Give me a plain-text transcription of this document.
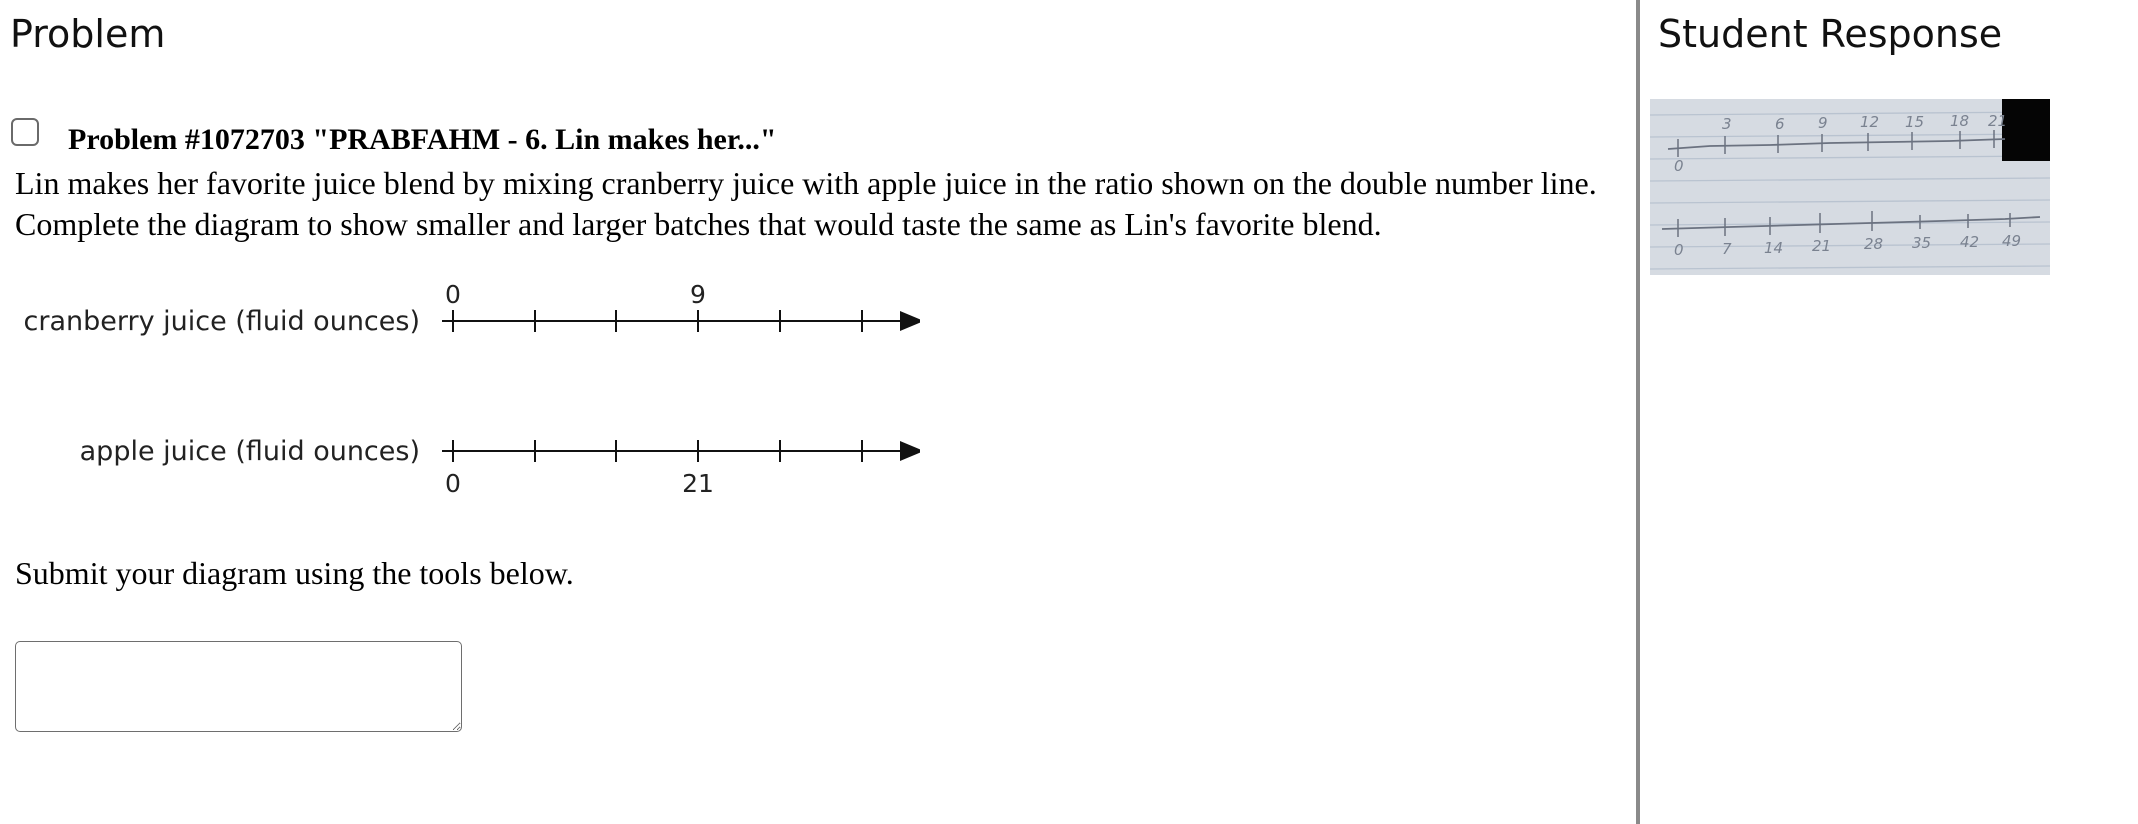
Problem
Problem #1072703 "PRABFAHM - 6. Lin makes her..."

Lin makes her favorite juice blend by mixing cranberry juice with apple juice in the ratio shown on the double number line. Complete the diagram to show smaller and larger batches that would taste the same as Lin's favorite blend.

cranberry juice (fluid ounces)
0	9
apple juice (fluid ounces)
0	21
Submit your diagram using the tools below.
Student Response
0
3	6 9 12 15 18 21
0	7 14 21 28 35 42 49
